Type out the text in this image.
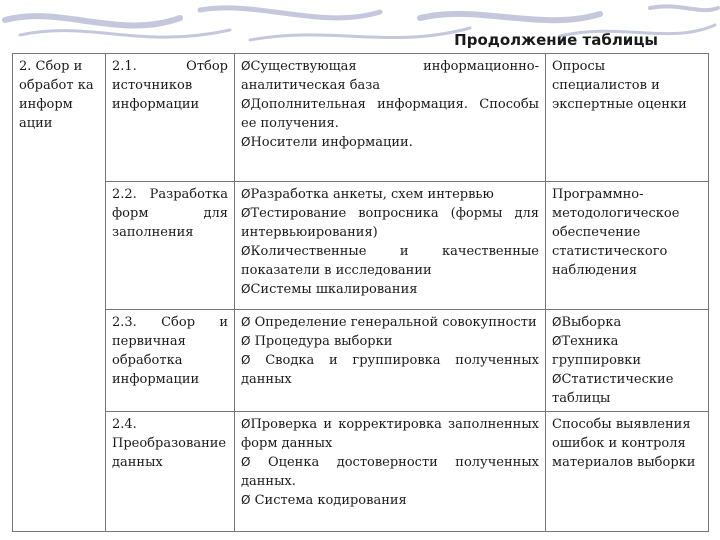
Продолжение таблицы
2. Сбор и обработ ка информ ации	2.1. Отбор источников информации	ØСуществующая информационно-аналитическая база
ØДополнительная информация. Способы ее получения.
ØНосители информации.	Опросы специалистов и экспертные оценки

	2.2. Разработка форм для заполнения	ØРазработка анкеты, схем интервью
ØТестирование вопросника (формы для интервьюирования)
ØКоличественные и качественные показатели в исследовании
ØСистемы шкалирования	Программно-методологическое обеспечение статистического наблюдения

	2.3. Сбор и первичная обработка информации	Ø Определение генеральной совокупности
Ø Процедура выборки
Ø Сводка и группировка полученных данных	ØВыборка
ØТехника группировки
ØСтатистические таблицы

	2.4. Преобразование данных	ØПроверка и корректировка заполненных форм данных
Ø Оценка достоверности полученных данных.
Ø Система кодирования	Способы выявления ошибок и контроля материалов выборки
